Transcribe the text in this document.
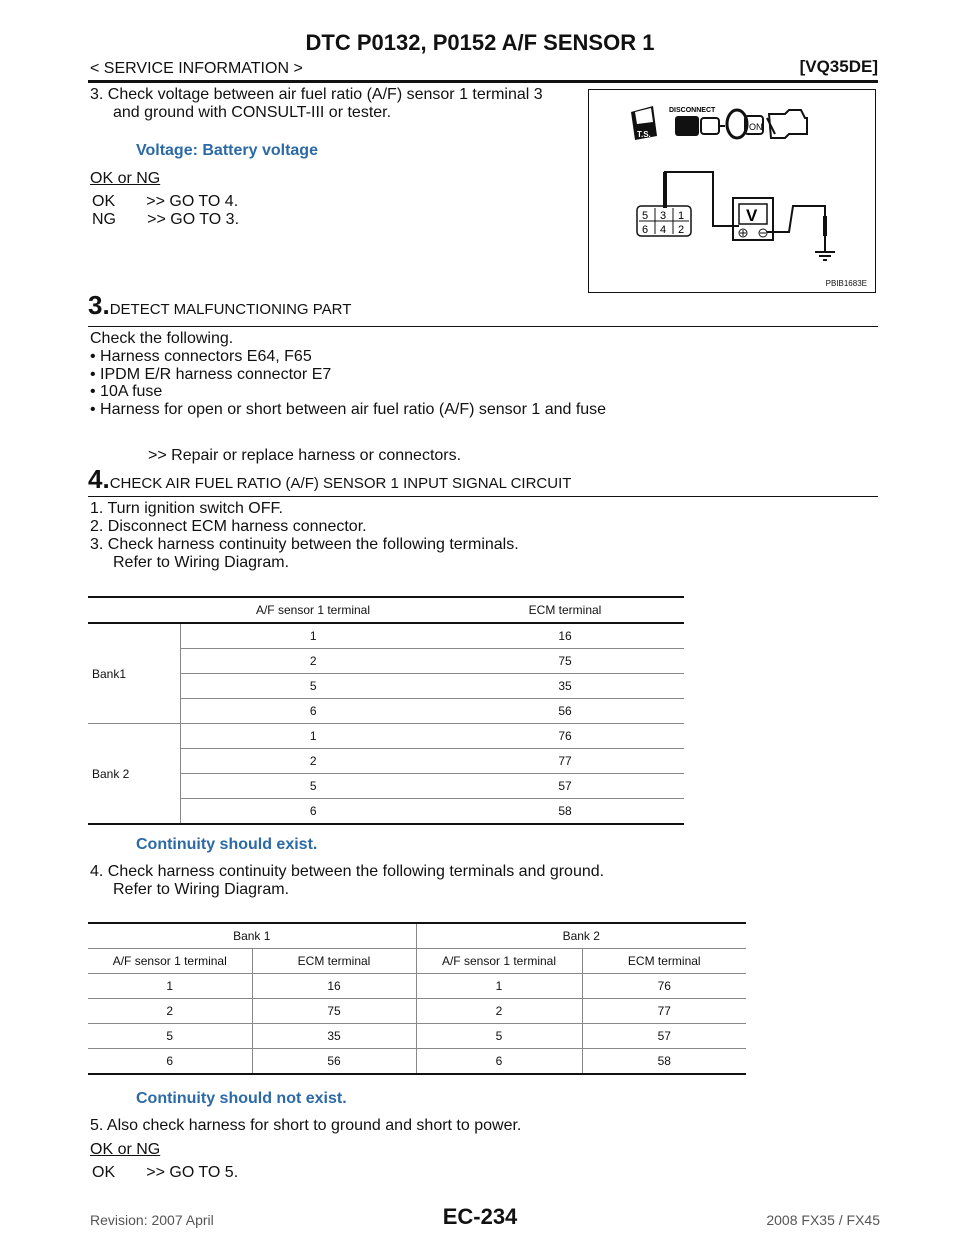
DTC P0132, P0152 A/F SENSOR 1
< SERVICE INFORMATION >	[VQ35DE]
3. Check voltage between air fuel ratio (A/F) sensor 1 terminal 3
and ground with CONSULT-III or tester.
Voltage: Battery voltage
OK or NG
OK       >> GO TO 4.
NG       >> GO TO 3.
T.S.
DISCONNECT
ON
5 3 1
6 4 2
V
PBIB1683E
3.DETECT MALFUNCTIONING PART
Check the following.
• Harness connectors E64, F65
• IPDM E/R harness connector E7
• 10A fuse
• Harness for open or short between air fuel ratio (A/F) sensor 1 and fuse
>> Repair or replace harness or connectors.
4.CHECK AIR FUEL RATIO (A/F) SENSOR 1 INPUT SIGNAL CIRCUIT
1. Turn ignition switch OFF.
2. Disconnect ECM harness connector.
3. Check harness continuity between the following terminals.
Refer to Wiring Diagram.
	A/F sensor 1 terminal	ECM terminal
Bank1	1	16
	2	75
	5	35
	6	56
Bank 2	1	76
	2	77
	5	57
	6	58
Continuity should exist.
4. Check harness continuity between the following terminals and ground.
Refer to Wiring Diagram.
Bank 1		Bank 2	
A/F sensor 1 terminal	ECM terminal	A/F sensor 1 terminal	ECM terminal
1	16	1	76
2	75	2	77
5	35	5	57
6	56	6	58
Continuity should not exist.
5. Also check harness for short to ground and short to power.
OK or NG
OK       >> GO TO 5.
Revision: 2007 April	EC-234	2008 FX35 / FX45
